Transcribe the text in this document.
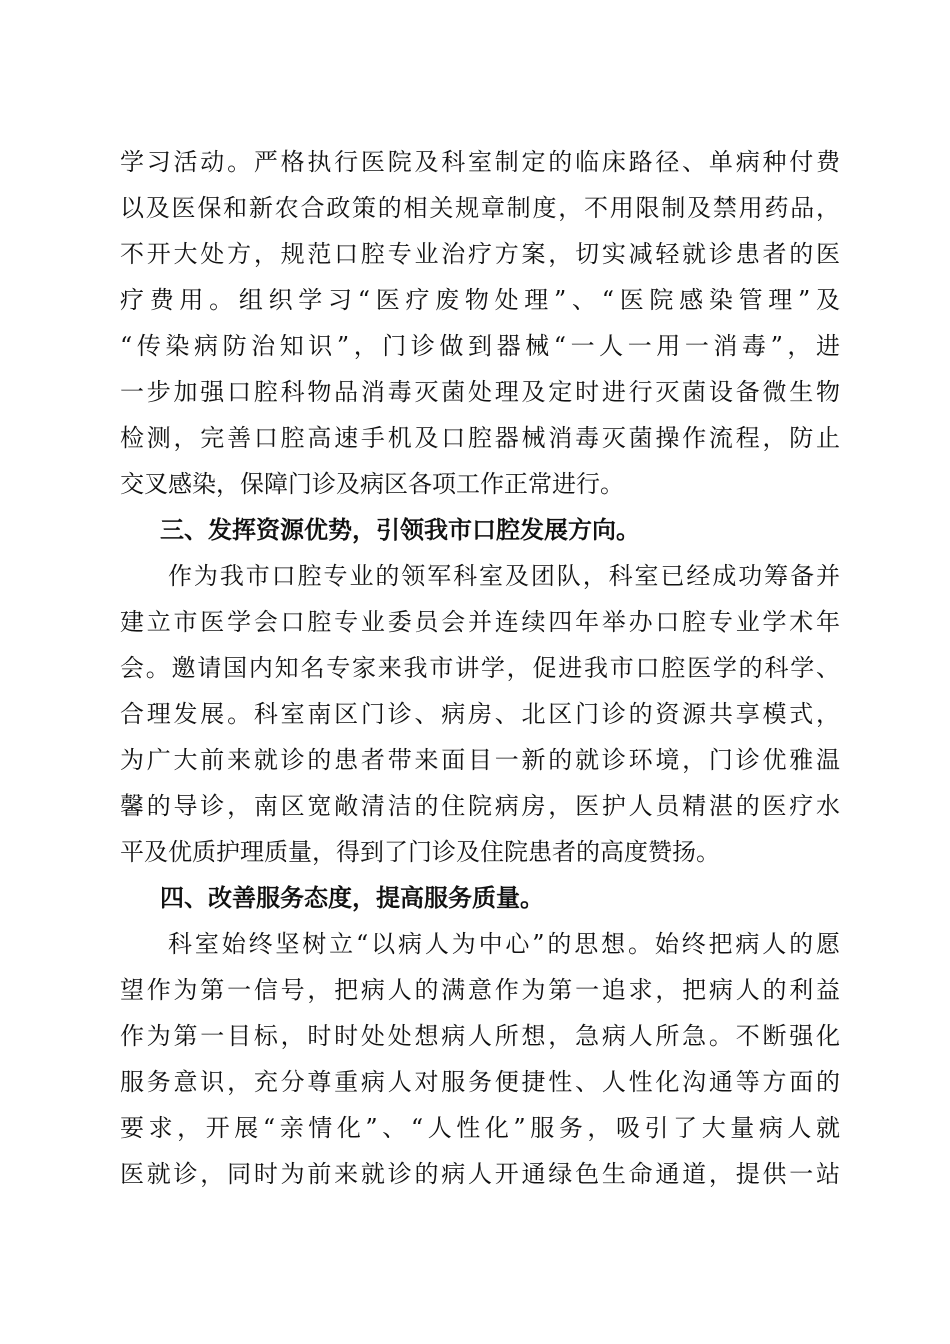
学习活动。严格执行医院及科室制定的临床路径、单病种付费
以及医保和新农合政策的相关规章制度，不用限制及禁用药品，
不开大处方，规范口腔专业治疗方案，切实减轻就诊患者的医
疗费用。组织学习“医疗废物处理”、“医院感染管理”及
“传染病防治知识”，门诊做到器械“一人一用一消毒”，进
一步加强口腔科物品消毒灭菌处理及定时进行灭菌设备微生物
检测，完善口腔高速手机及口腔器械消毒灭菌操作流程，防止
交叉感染，保障门诊及病区各项工作正常进行。
三、发挥资源优势，引领我市口腔发展方向。
作为我市口腔专业的领军科室及团队，科室已经成功筹备并
建立市医学会口腔专业委员会并连续四年举办口腔专业学术年
会。邀请国内知名专家来我市讲学，促进我市口腔医学的科学、
合理发展。科室南区门诊、病房、北区门诊的资源共享模式，
为广大前来就诊的患者带来面目一新的就诊环境，门诊优雅温
馨的导诊，南区宽敞清洁的住院病房，医护人员精湛的医疗水
平及优质护理质量，得到了门诊及住院患者的高度赞扬。
四、改善服务态度，提高服务质量。
科室始终坚树立“以病人为中心”的思想。始终把病人的愿
望作为第一信号，把病人的满意作为第一追求，把病人的利益
作为第一目标，时时处处想病人所想，急病人所急。不断强化
服务意识，充分尊重病人对服务便捷性、人性化沟通等方面的
要求，开展“亲情化”、“人性化”服务，吸引了大量病人就
医就诊，同时为前来就诊的病人开通绿色生命通道，提供一站
